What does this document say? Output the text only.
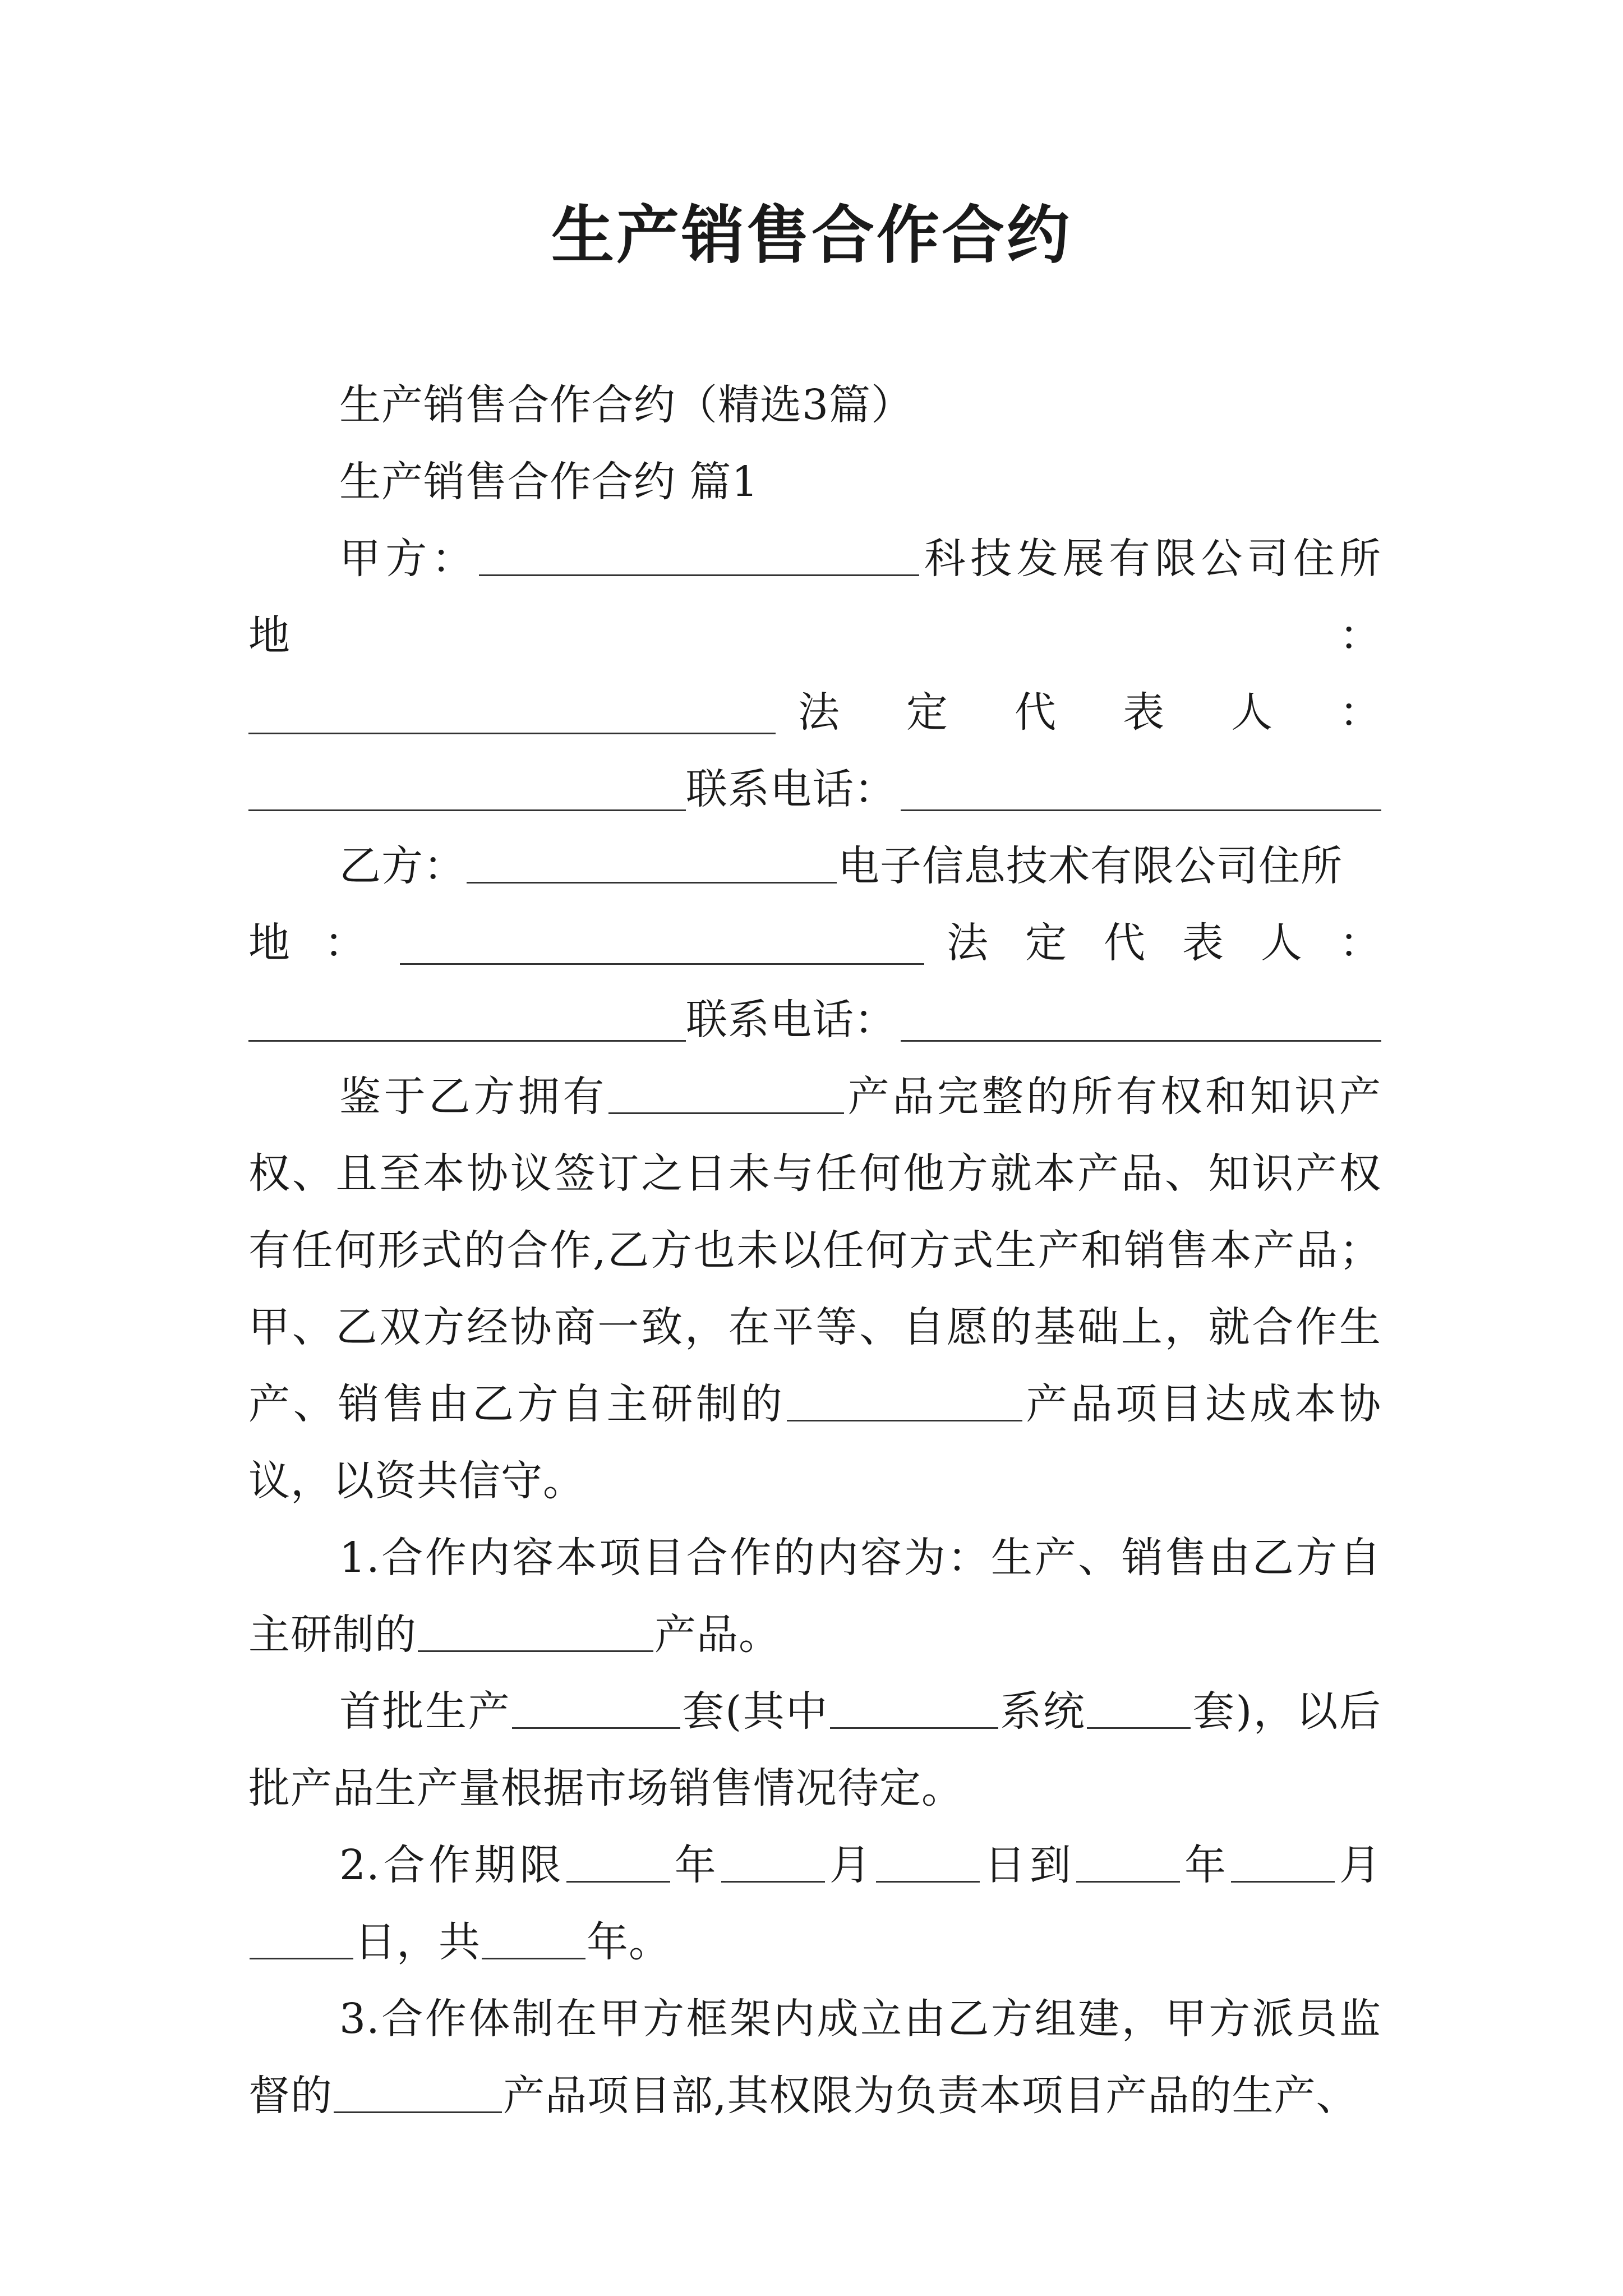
生产销售合作合约

生产销售合作合约（精选3篇）

生产销售合作合约 篇1

甲方：	科技发展有限公司住所地：

法 定 代 表 人 ：
联系电话：

乙方：	电子信息技术有限公司住所

地 ：	法 定 代 表 人 ：
联系电话：

鉴于乙方拥有	产品完整的所有权和知识产权、且至本协议签订之日未与任何他方就本产品、知识产权有任何形式的合作,乙方也未以任何方式生产和销售本产品；甲、乙双方经协商一致，在平等、自愿的基础上，就合作生产、销售由乙方自主研制的	产品项目达成本协议，以资共信守。

1.合作内容本项目合作的内容为：生产、销售由乙方自主研制的	产品。

首批生产	套(其中	系统	套)，以后批产品生产量根据市场销售情况待定。

2.合作期限	年	月	日到	年	月日，共	年。

3.合作体制在甲方框架内成立由乙方组建，甲方派员监督的	产品项目部,其权限为负责本项目产品的生产、
